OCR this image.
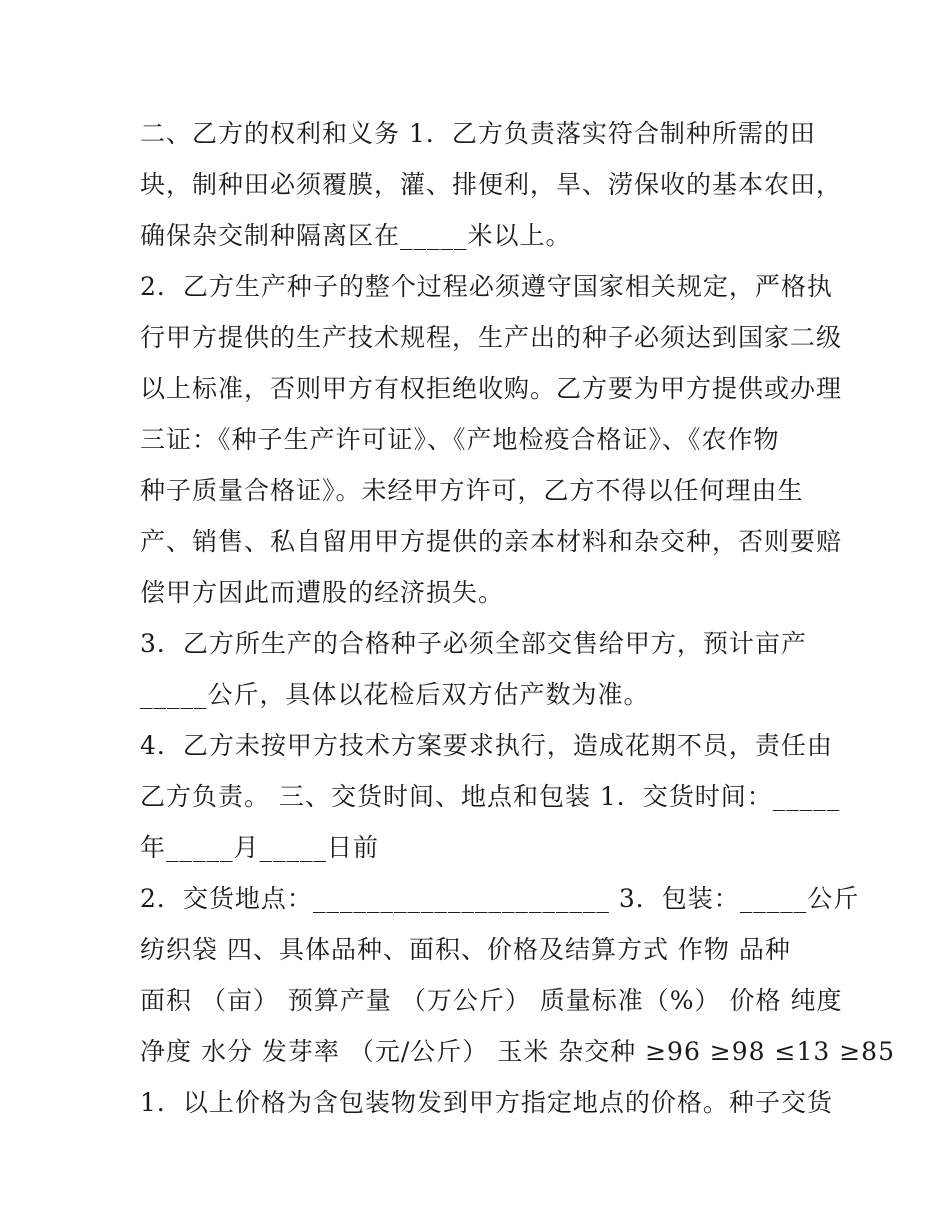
二、乙方的权利和义务 1．乙方负责落实符合制种所需的田
块，制种田必须覆膜，灌、排便利，旱、涝保收的基本农田，
确保杂交制种隔离区在_____米以上。
2．乙方生产种子的整个过程必须遵守国家相关规定，严格执
行甲方提供的生产技术规程，生产出的种子必须达到国家二级
以上标准，否则甲方有权拒绝收购。乙方要为甲方提供或办理
三证：《种子生产许可证》、《产地检疫合格证》、《农作物
种子质量合格证》。未经甲方许可，乙方不得以任何理由生
产、销售、私自留用甲方提供的亲本材料和杂交种，否则要赔
偿甲方因此而遭股的经济损失。
3．乙方所生产的合格种子必须全部交售给甲方，预计亩产
_____公斤，具体以花检后双方估产数为准。
4．乙方未按甲方技术方案要求执行，造成花期不员，责任由
乙方负责。 三、交货时间、地点和包装 1．交货时间：_____
年_____月_____日前
2．交货地点：______________________ 3．包装：_____公斤
纺织袋 四、具体品种、面积、价格及结算方式 作物 品种
面积 （亩） 预算产量 （万公斤） 质量标准（%） 价格 纯度
净度 水分 发芽率 （元/公斤） 玉米 杂交种 ≥96 ≥98 ≤13 ≥85
1．以上价格为含包装物发到甲方指定地点的价格。种子交货
